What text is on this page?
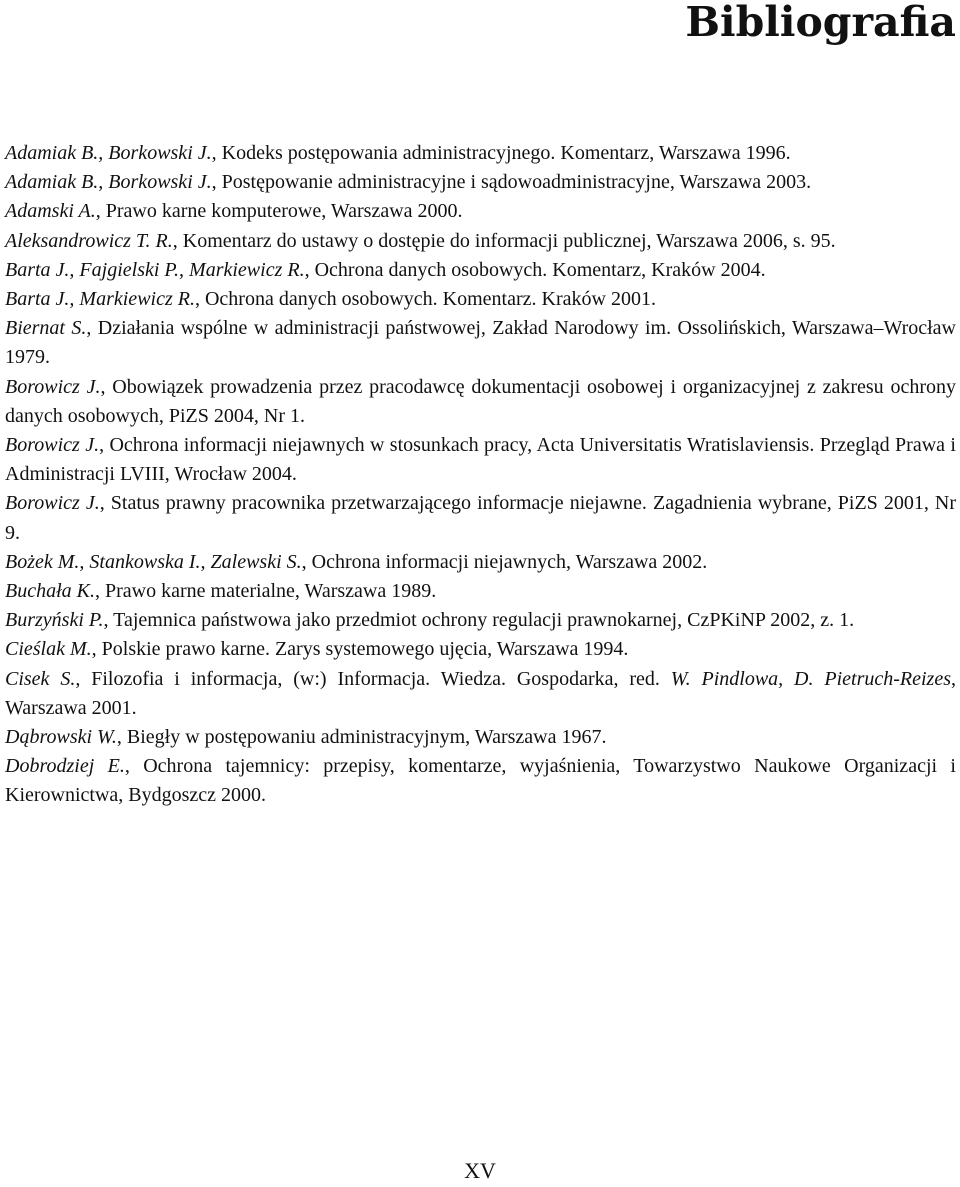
Bibliografia
Adamiak B., Borkowski J., Kodeks postępowania administracyjnego. Komentarz, Warszawa 1996.
Adamiak B., Borkowski J., Postępowanie administracyjne i sądowoadministracyjne, Warszawa 2003.
Adamski A., Prawo karne komputerowe, Warszawa 2000.
Aleksandrowicz T. R., Komentarz do ustawy o dostępie do informacji publicznej, Warszawa 2006, s. 95.
Barta J., Fajgielski P., Markiewicz R., Ochrona danych osobowych. Komentarz, Kraków 2004.
Barta J., Markiewicz R., Ochrona danych osobowych. Komentarz. Kraków 2001.
Biernat S., Działania wspólne w administracji państwowej, Zakład Narodowy im. Ossolińskich, Warszawa–Wrocław 1979.
Borowicz J., Obowiązek prowadzenia przez pracodawcę dokumentacji osobowej i organizacyjnej z zakresu ochrony danych osobowych, PiZS 2004, Nr 1.
Borowicz J., Ochrona informacji niejawnych w stosunkach pracy, Acta Universitatis Wratislaviensis. Przegląd Prawa i Administracji LVIII, Wrocław 2004.
Borowicz J., Status prawny pracownika przetwarzającego informacje niejawne. Zagadnienia wybrane, PiZS 2001, Nr 9.
Bożek M., Stankowska I., Zalewski S., Ochrona informacji niejawnych, Warszawa 2002.
Buchała K., Prawo karne materialne, Warszawa 1989.
Burzyński P., Tajemnica państwowa jako przedmiot ochrony regulacji prawnokarnej, CzPKiNP 2002, z. 1.
Cieślak M., Polskie prawo karne. Zarys systemowego ujęcia, Warszawa 1994.
Cisek S., Filozofia i informacja, (w:) Informacja. Wiedza. Gospodarka, red. W. Pindlowa, D. Pietruch-Reizes, Warszawa 2001.
Dąbrowski W., Biegły w postępowaniu administracyjnym, Warszawa 1967.
Dobrodziej E., Ochrona tajemnicy: przepisy, komentarze, wyjaśnienia, Towarzystwo Naukowe Organizacji i Kierownictwa, Bydgoszcz 2000.
XV
